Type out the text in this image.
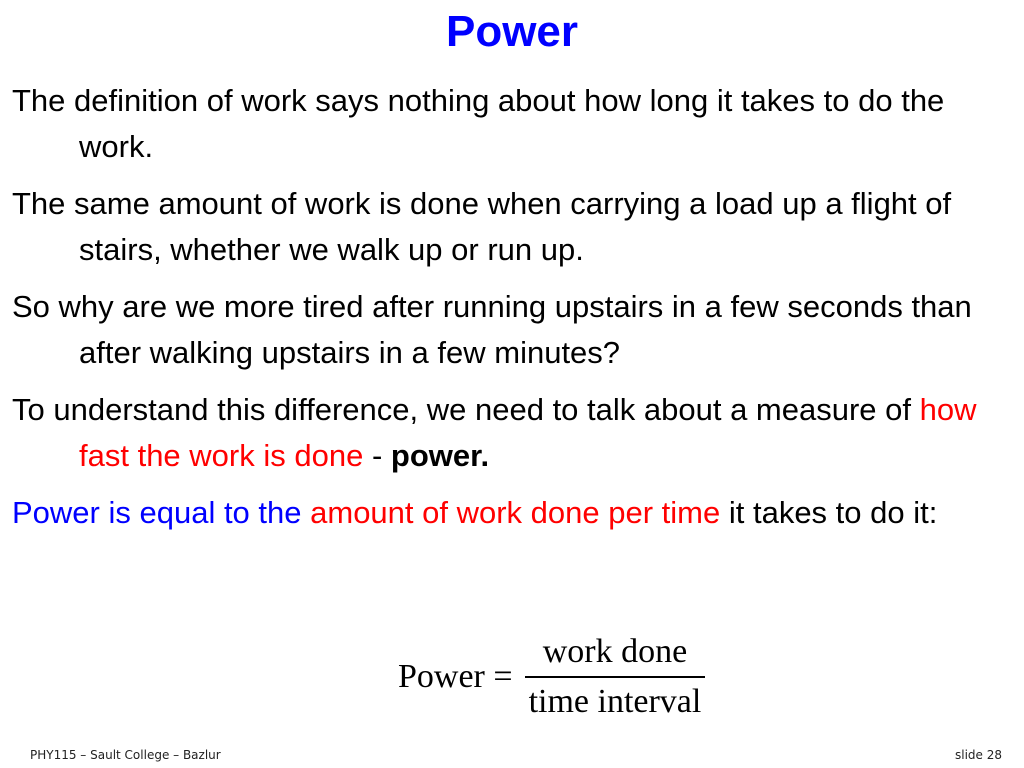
Power

The definition of work says nothing about how long it takes to do the work.

The same amount of work is done when carrying a load up a flight of stairs, whether we walk up or run up.

So why are we more tired after running upstairs in a few seconds than after walking upstairs in a few minutes?

To understand this difference, we need to talk about a measure of how fast the work is done - power.

Power is equal to the amount of work done per time it takes to do it:

Power = $\frac{\text{work done}}{\text{time interval}}$
PHY115 – Sault College – Bazlur	slide 28
